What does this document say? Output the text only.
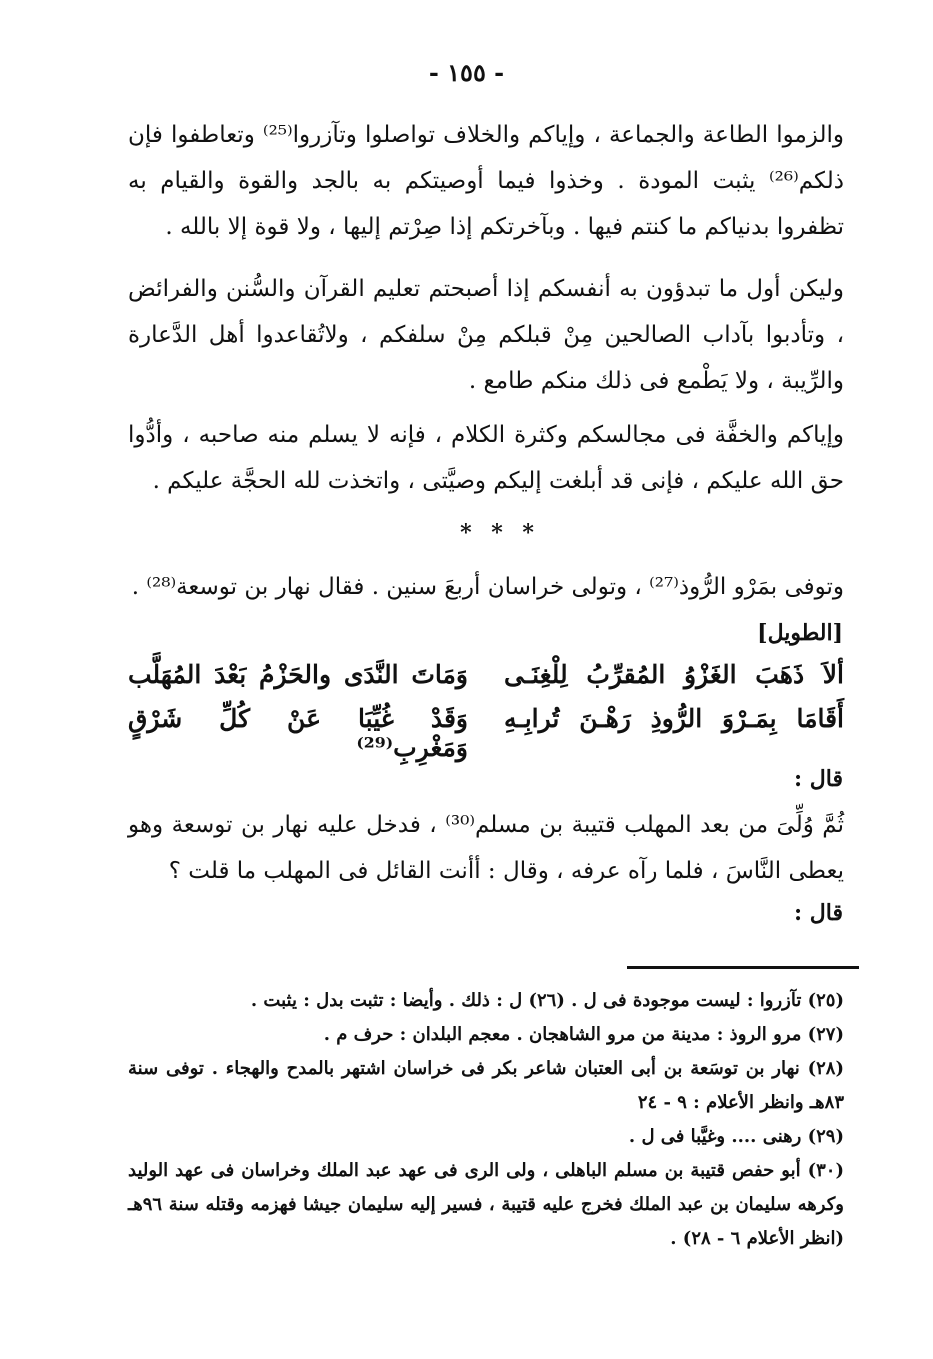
- ١٥٥ -
والزموا الطاعة والجماعة ، وإياكم والخلاف تواصلوا وتآزروا⁽²⁵⁾ وتعاطفوا فإن ذلكم⁽²⁶⁾ يثبت المودة . وخذوا فيما أوصيتكم به بالجد والقوة والقيام به تظفروا بدنياكم ما كنتم فيها . وبآخرتكم إذا صِرْتم إليها ، ولا قوة إلا بالله .
وليكن أول ما تبدؤون به أنفسكم إذا أصبحتم تعليم القرآن والسُّنن والفرائض ، وتأدبوا بآداب الصالحين مِنْ قبلكم مِنْ سلفكم ، ولاتُقاعدوا أهل الدَّعارة والرِّيبة ، ولا يَطْمع فى ذلك منكم طامع .
وإياكم والخفَّة فى مجالسكم وكثرة الكلام ، فإنه لا يسلم منه صاحبه ، وأدُّوا حق الله عليكم ، فإنى قد أبلغت إليكم وصيَّتى ، واتخذت لله الحجَّة عليكم .
* * *
وتوفى بمَرْو الرُّوذ⁽²⁷⁾ ، وتولى خراسان أربعَ سنين . فقال نهار بن توسعة⁽²⁸⁾ .
[الطويل]
ألاَ ذَهَبَ الغَزْوُ المُقرِّبُ لِلْغِنَـى
وَمَاتَ النَّدَى والحَزْمُ بَعْدَ المُهَلَّب
أَقَامَا بِمَـرْوَ الرُّوذِ رَهْـنَ تُرابِـهِ
وَقَدْ غُيِّبَا عَنْ كُلِّ شَرْقٍ وَمَغْرِبِ⁽²⁹⁾
قال :
ثُمَّ وُلِّىَ من بعد المهلب قتيبة بن مسلم⁽³⁰⁾ ، فدخل عليه نهار بن توسعة وهو يعطى النَّاسَ ، فلما رآه عرفه ، وقال : أأنت القائل فى المهلب ما قلت ؟
قال :

(٢٥) تآزروا : ليست موجودة فى ل . (٢٦) ل : ذلك . وأيضا : تثبت بدل : يثبت .

(٢٧) مرو الروذ : مدينة من مرو الشاهجان . معجم البلدان : حرف م .

(٢٨) نهار بن توسَعة بن أبى العتبان شاعر بكر فى خراسان اشتهر بالمدح والهجاء . توفى سنة ٨٣هـ وانظر الأعلام : ٩ - ٢٤

(٢٩) رهنى .... وغيَّبا فى ل .

(٣٠) أبو حفص قتيبة بن مسلم الباهلى ، ولى الرى فى عهد عبد الملك وخراسان فى عهد الوليد وكرهه سليمان بن عبد الملك فخرج عليه قتيبة ، فسير إليه سليمان جيشا فهزمه وقتله سنة ٩٦هـ (انظر الأعلام ٦ - ٢٨) .
